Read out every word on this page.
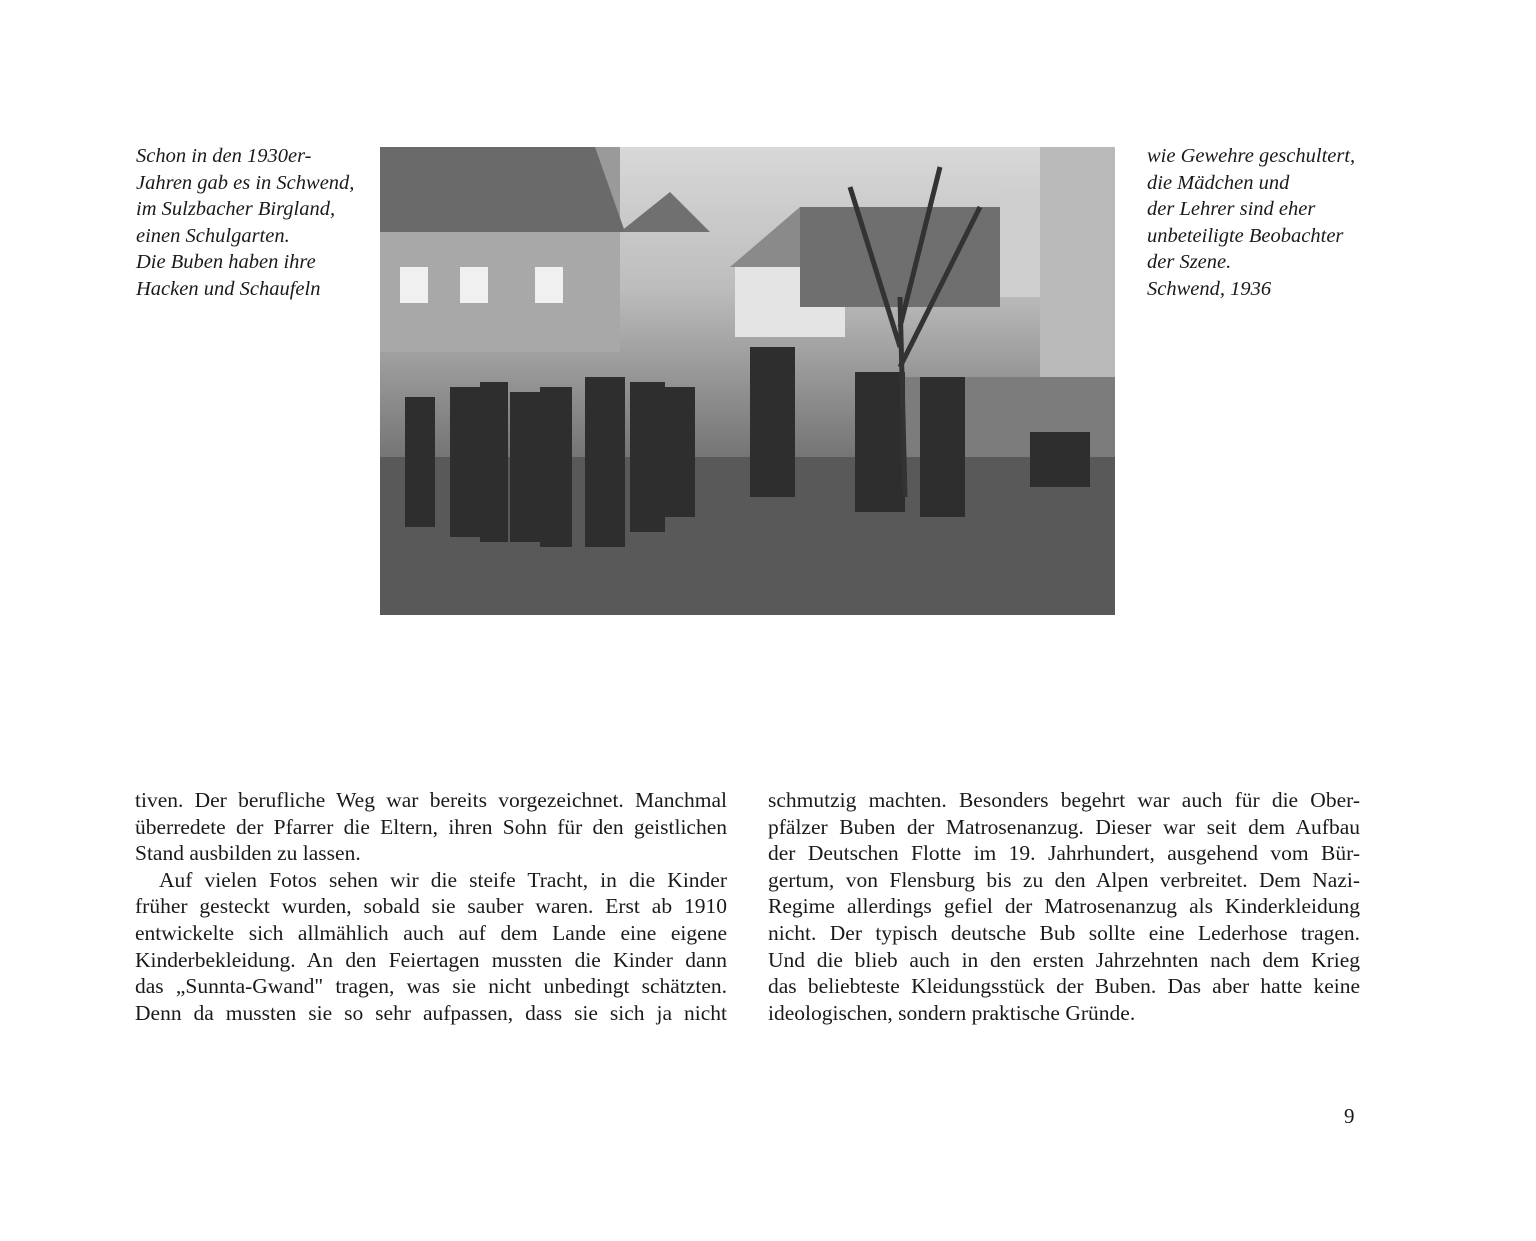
Schon in den 1930er-
Jahren gab es in Schwend,
im Sulzbacher Birgland,
einen Schulgarten.
Die Buben haben ihre
Hacken und Schaufeln
wie Gewehre geschultert,
die Mädchen und
der Lehrer sind eher
unbeteiligte Beobachter
der Szene.
Schwend, 1936
tiven. Der berufliche Weg war bereits vorgezeichnet. Manchmal
überredete der Pfarrer die Eltern, ihren Sohn für den geistlichen
Stand ausbilden zu lassen.
Auf vielen Fotos sehen wir die steife Tracht, in die Kinder
früher gesteckt wurden, sobald sie sauber waren. Erst ab 1910
entwickelte sich allmählich auch auf dem Lande eine eigene
Kinderbekleidung. An den Feiertagen mussten die Kinder dann
das „Sunnta-Gwand" tragen, was sie nicht unbedingt schätzten.
Denn da mussten sie so sehr aufpassen, dass sie sich ja nicht
schmutzig machten. Besonders begehrt war auch für die Ober-
pfälzer Buben der Matrosenanzug. Dieser war seit dem Aufbau
der Deutschen Flotte im 19. Jahrhundert, ausgehend vom Bür-
gertum, von Flensburg bis zu den Alpen verbreitet. Dem Nazi-
Regime allerdings gefiel der Matrosenanzug als Kinderkleidung
nicht. Der typisch deutsche Bub sollte eine Lederhose tragen.
Und die blieb auch in den ersten Jahrzehnten nach dem Krieg
das beliebteste Kleidungsstück der Buben. Das aber hatte keine
ideologischen, sondern praktische Gründe.
9
